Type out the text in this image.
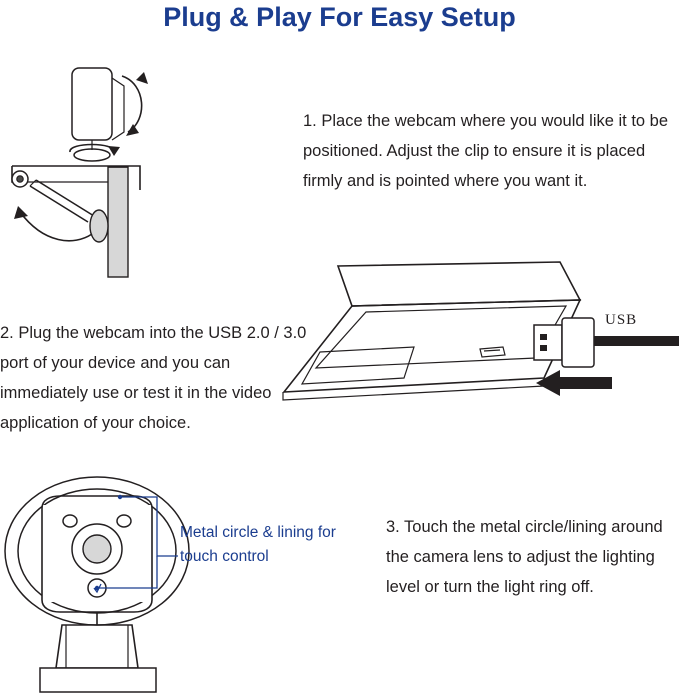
Plug & Play For Easy Setup
1. Place the webcam where you would like it to be positioned. Adjust the clip to ensure it is placed firmly and is pointed where you want it.
2. Plug the webcam into the USB 2.0 / 3.0 port of your device and you can immediately use or test it in the video application of your choice.
3. Touch the metal circle/lining around the camera lens to adjust the lighting level or turn the light ring off.
Metal circle & lining for touch control
USB
